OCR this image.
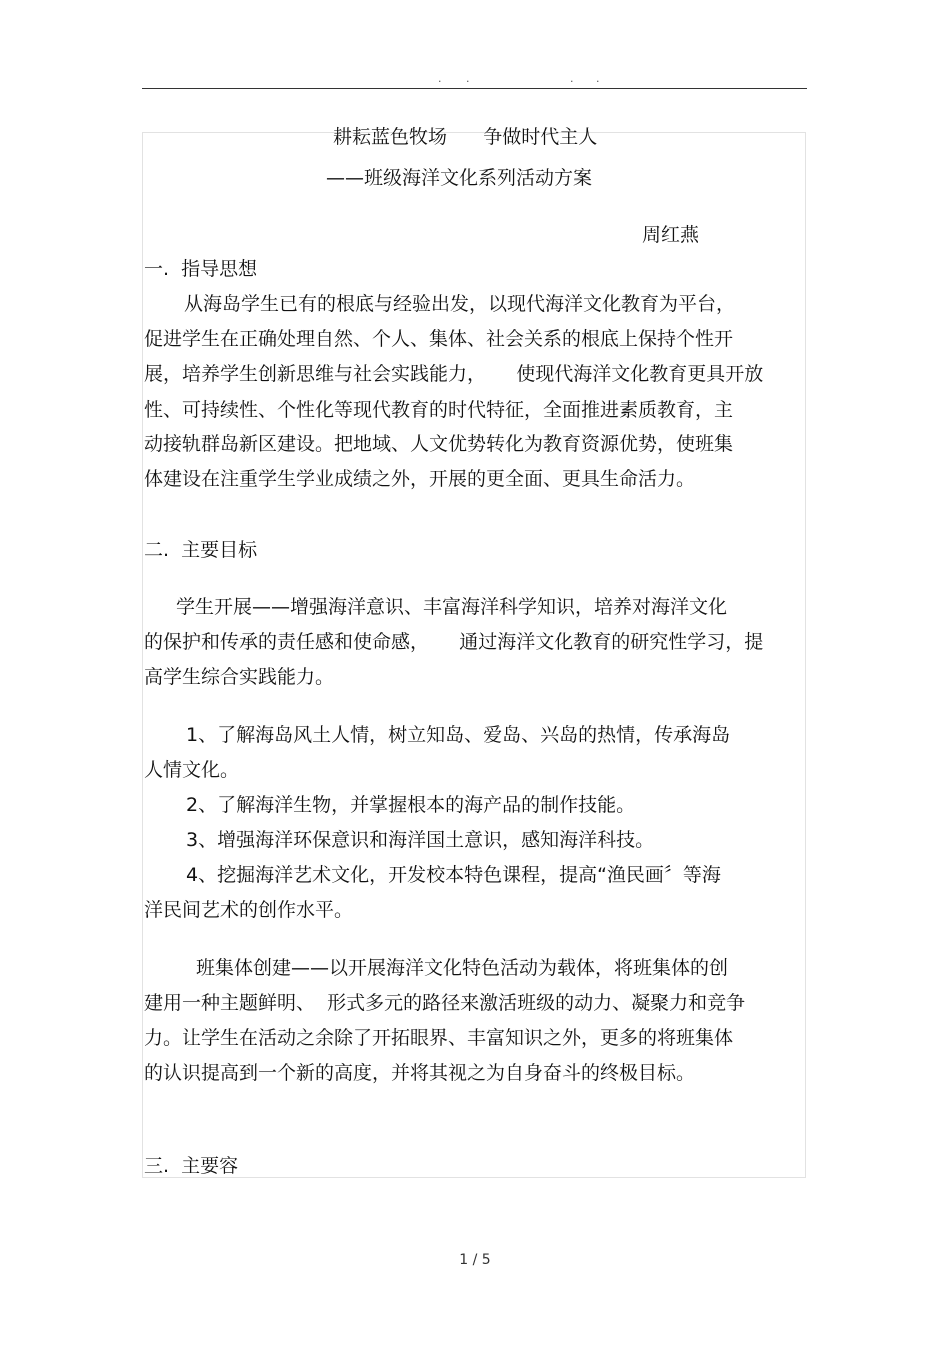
. .	. .
耕耘蓝色牧场      争做时代主人
——班级海洋文化系列活动方案
周红燕
一.  指导思想
从海岛学生已有的根底与经验出发，以现代海洋文化教育为平台，
促进学生在正确处理自然、个人、集体、社会关系的根底上保持个性开
展，培养学生创新思维与社会实践能力，     使现代海洋文化教育更具开放
性、可持续性、个性化等现代教育的时代特征，全面推进素质教育，主
动接轨群岛新区建设。把地域、人文优势转化为教育资源优势，使班集
体建设在注重学生学业成绩之外，开展的更全面、更具生命活力。
二.  主要目标
学生开展——增强海洋意识、丰富海洋科学知识，培养对海洋文化
的保护和传承的责任感和使命感，     通过海洋文化教育的研究性学习，提
高学生综合实践能力。
1、了解海岛风土人情，树立知岛、爱岛、兴岛的热情，传承海岛
人情文化。
2、了解海洋生物，并掌握根本的海产品的制作技能。
3、增强海洋环保意识和海洋国土意识，感知海洋科技。
4、挖掘海洋艺术文化，开发校本特色课程，提高“渔民画〞等海
洋民间艺术的创作水平。
班集体创建——以开展海洋文化特色活动为载体，将班集体的创
建用一种主题鲜明、  形式多元的路径来激活班级的动力、凝聚力和竞争
力。让学生在活动之余除了开拓眼界、丰富知识之外，更多的将班集体
的认识提高到一个新的高度，并将其视之为自身奋斗的终极目标。
三.  主要容
1 / 5
